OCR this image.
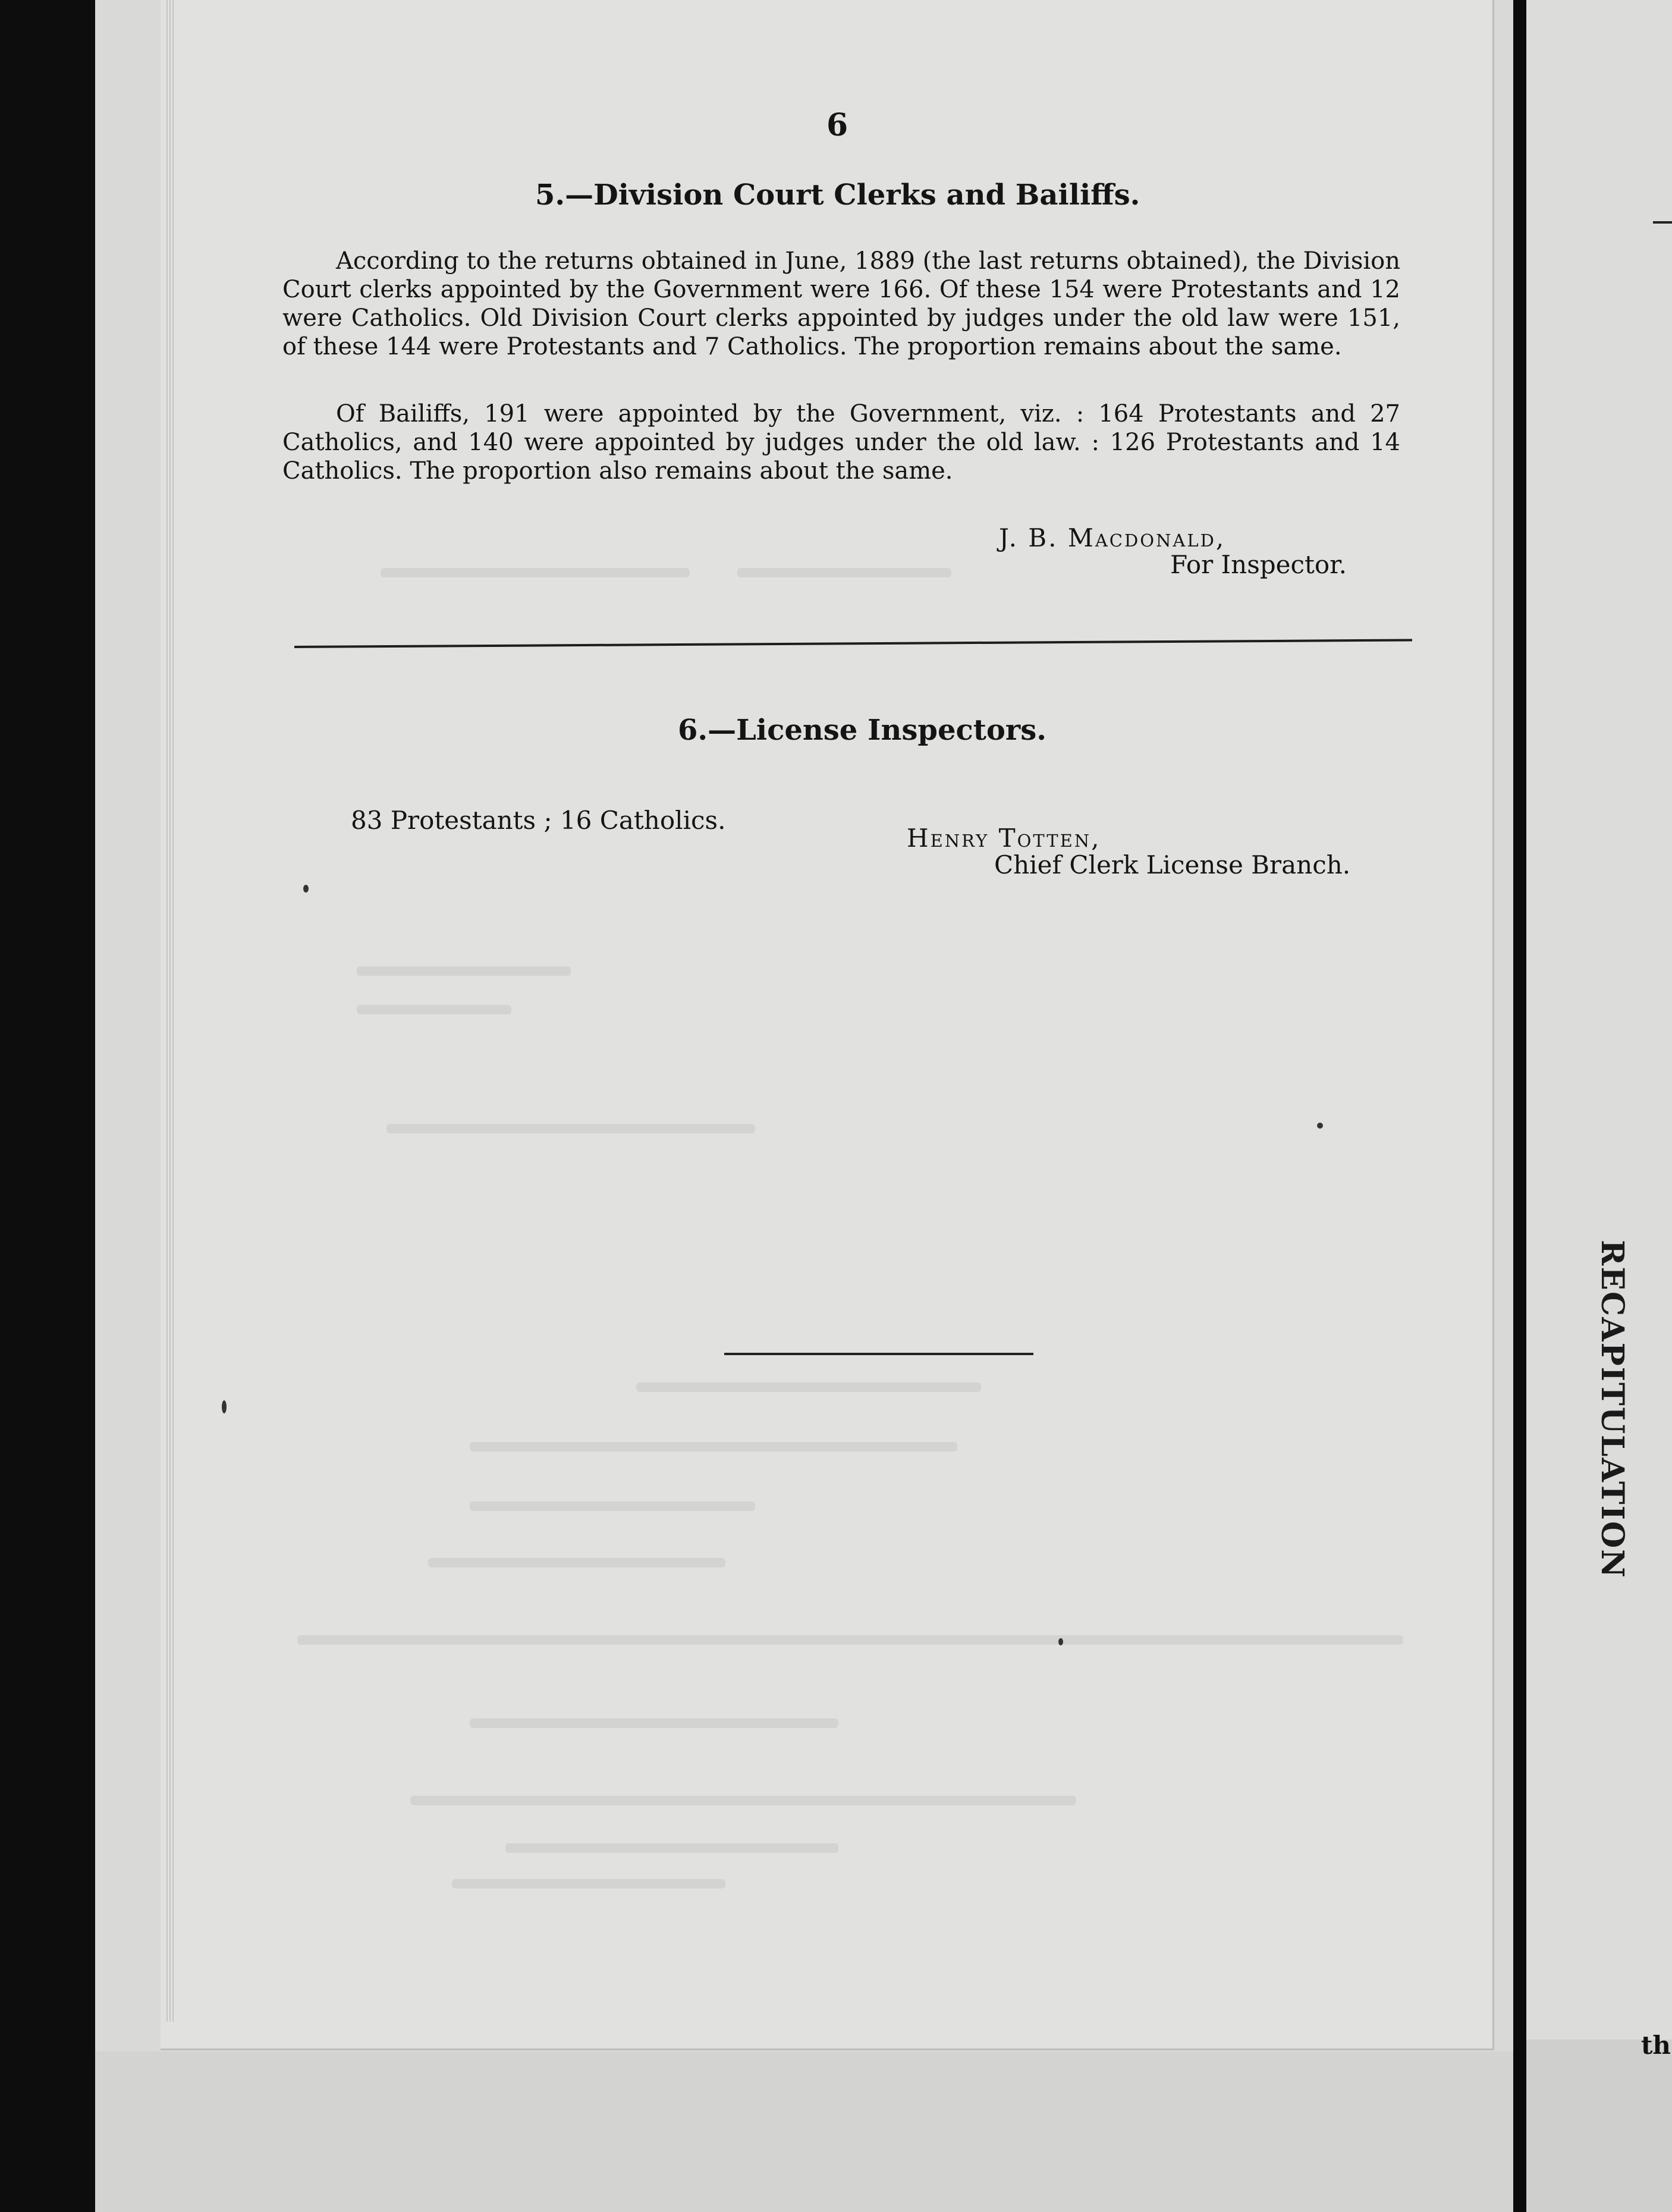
RECAPITULATION
th
6
5.—Division Court Clerks and Bailiffs.

According to the returns obtained in June, 1889 (the last returns obtained), the Division Court clerks appointed by the Government were 166. Of these 154 were Protestants and 12 were Catholics. Old Division Court clerks appointed by judges under the old law were 151, of these 144 were Protestants and 7 Catholics. The proportion remains about the same.

Of Bailiffs, 191 were appointed by the Government, viz. : 164 Protestants and 27 Catholics, and 140 were appointed by judges under the old law. : 126 Protestants and 14 Catholics. The proportion also remains about the same.

J. B. Macdonald,
For Inspector.
6.—License Inspectors.
83 Protestants ; 16 Catholics.
Henry Totten,
Chief Clerk License Branch.
